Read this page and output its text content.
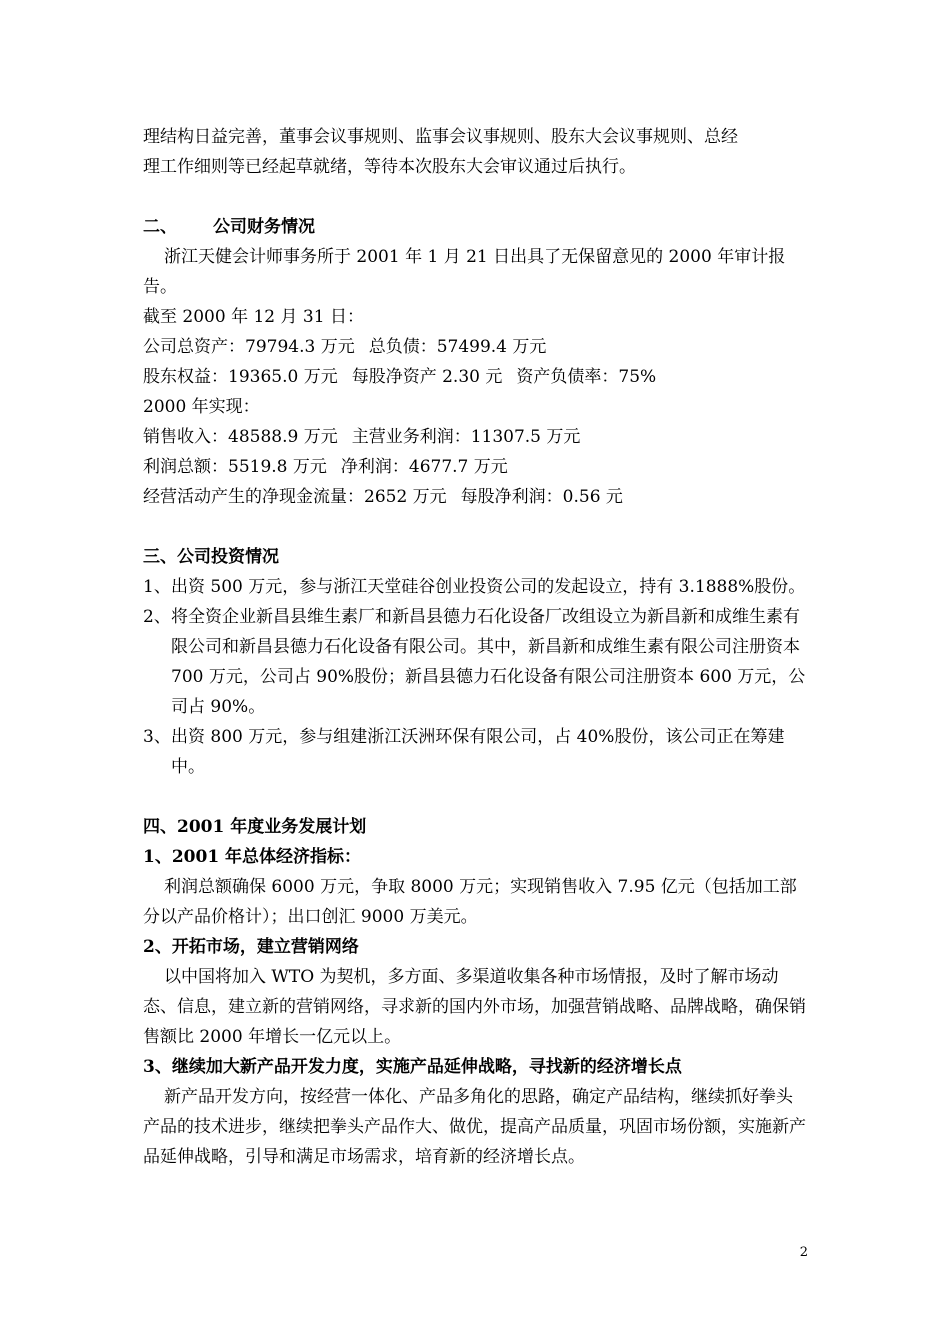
理结构日益完善，董事会议事规则、监事会议事规则、股东大会议事规则、总经

理工作细则等已经起草就绪，等待本次股东大会审议通过后执行。

二、 公司财务情况

浙江天健会计师事务所于 2001 年 1 月 21 日出具了无保留意见的 2000 年审计报告。

截至 2000 年 12 月 31 日：

公司总资产：79794.3 万元 总负债：57499.4 万元

股东权益：19365.0 万元 每股净资产 2.30 元 资产负债率：75%

2000 年实现：

销售收入：48588.9 万元 主营业务利润：11307.5 万元

利润总额：5519.8 万元 净利润：4677.7 万元

经营活动产生的净现金流量：2652 万元 每股净利润：0.56 元

三、公司投资情况

1、 出资 500 万元，参与浙江天堂硅谷创业投资公司的发起设立，持有 3.1888%股份。

2、 将全资企业新昌县维生素厂和新昌县德力石化设备厂改组设立为新昌新和成维生素有限公司和新昌县德力石化设备有限公司。其中，新昌新和成维生素有限公司注册资本 700 万元，公司占 90%股份；新昌县德力石化设备有限公司注册资本 600 万元，公司占 90%。

3、 出资 800 万元，参与组建浙江沃洲环保有限公司，占 40%股份，该公司正在筹建中。

四、2001 年度业务发展计划

1、2001 年总体经济指标：

利润总额确保 6000 万元，争取 8000 万元；实现销售收入 7.95 亿元（包括加工部分以产品价格计）；出口创汇 9000 万美元。

2、开拓市场，建立营销网络

以中国将加入 WTO 为契机，多方面、多渠道收集各种市场情报，及时了解市场动态、信息，建立新的营销网络，寻求新的国内外市场，加强营销战略、品牌战略，确保销售额比 2000 年增长一亿元以上。

3、继续加大新产品开发力度，实施产品延伸战略，寻找新的经济增长点

新产品开发方向，按经营一体化、产品多角化的思路，确定产品结构，继续抓好拳头产品的技术进步，继续把拳头产品作大、做优，提高产品质量，巩固市场份额，实施新产品延伸战略，引导和满足市场需求，培育新的经济增长点。

2
